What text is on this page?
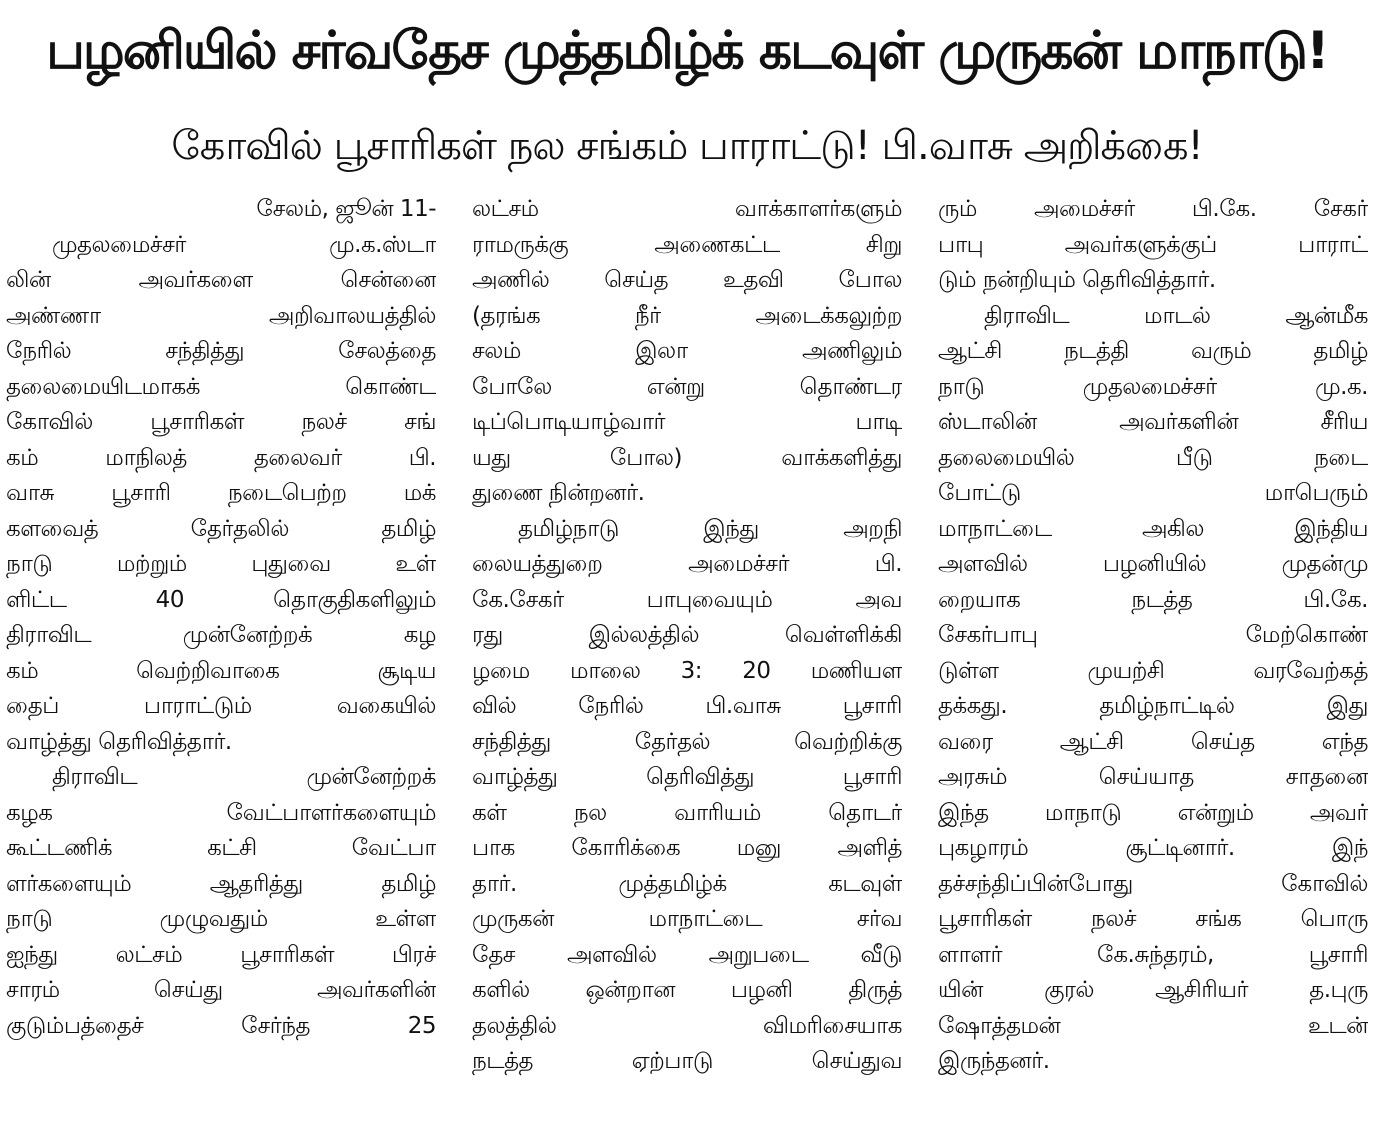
பழனியில் சர்வதேச முத்தமிழ்க் கடவுள் முருகன் மாநாடு!
கோவில் பூசாரிகள் நல சங்கம் பாராட்டு! பி.வாசு அறிக்கை!
சேலம், ஜூன் 11-
முதலமைச்சர் மு.க.ஸ்டா
லின் அவர்களை சென்னை
அண்ணா அறிவாலயத்தில்
நேரில் சந்தித்து சேலத்தை
தலைமையிடமாகக் கொண்ட
கோவில் பூசாரிகள் நலச் சங்
கம் மாநிலத் தலைவர் பி.
வாசு பூசாரி நடைபெற்ற மக்
களவைத் தேர்தலில் தமிழ்
நாடு மற்றும் புதுவை உள்
ளிட்ட 40 தொகுதிகளிலும்
திராவிட முன்னேற்றக் கழ
கம் வெற்றிவாகை சூடிய
தைப் பாராட்டும் வகையில்
வாழ்த்து தெரிவித்தார்.
திராவிட முன்னேற்றக்
கழக வேட்பாளர்களையும்
கூட்டணிக் கட்சி வேட்பா
ளர்களையும் ஆதரித்து தமிழ்
நாடு முழுவதும் உள்ள
ஐந்து லட்சம் பூசாரிகள் பிரச்
சாரம் செய்து அவர்களின்
குடும்பத்தைச் சேர்ந்த 25
லட்சம் வாக்காளர்களும்
ராமருக்கு அணைகட்ட சிறு
அணில் செய்த உதவி போல
(தரங்க நீர் அடைக்கலுற்ற
சலம் இலா அணிலும்
போலே என்று தொண்டர
டிப்பொடியாழ்வார் பாடி
யது போல) வாக்களித்து
துணை நின்றனர்.
தமிழ்நாடு இந்து அறநி
லையத்துறை அமைச்சர் பி.
கே.சேகர் பாபுவையும் அவ
ரது இல்லத்தில் வெள்ளிக்கி
ழமை மாலை 3: 20 மணியள
வில் நேரில் பி.வாசு பூசாரி
சந்தித்து தேர்தல் வெற்றிக்கு
வாழ்த்து தெரிவித்து பூசாரி
கள் நல வாரியம் தொடர்
பாக கோரிக்கை மனு அளித்
தார். முத்தமிழ்க் கடவுள்
முருகன் மாநாட்டை சர்வ
தேச அளவில் அறுபடை வீடு
களில் ஒன்றான பழனி திருத்
தலத்தில் விமரிசையாக
நடத்த ஏற்பாடு செய்துவ
ரும் அமைச்சர் பி.கே. சேகர்
பாபு அவர்களுக்குப் பாராட்
டும் நன்றியும் தெரிவித்தார்.
திராவிட மாடல் ஆன்மீக
ஆட்சி நடத்தி வரும் தமிழ்
நாடு முதலமைச்சர் மு.க.
ஸ்டாலின் அவர்களின் சீரிய
தலைமையில் பீடு நடை
போட்டு மாபெரும்
மாநாட்டை அகில இந்திய
அளவில் பழனியில் முதன்மு
றையாக நடத்த பி.கே.
சேகர்பாபு மேற்கொண்
டுள்ள முயற்சி வரவேற்கத்
தக்கது. தமிழ்நாட்டில் இது
வரை ஆட்சி செய்த எந்த
அரசும் செய்யாத சாதனை
இந்த மாநாடு என்றும் அவர்
புகழாரம் சூட்டினார். இந்
தச்சந்திப்பின்போது கோவில்
பூசாரிகள் நலச் சங்க பொரு
ளாளர் கே.சுந்தரம், பூசாரி
யின் குரல் ஆசிரியர் த.புரு
ஷோத்தமன் உடன்
இருந்தனர்.
